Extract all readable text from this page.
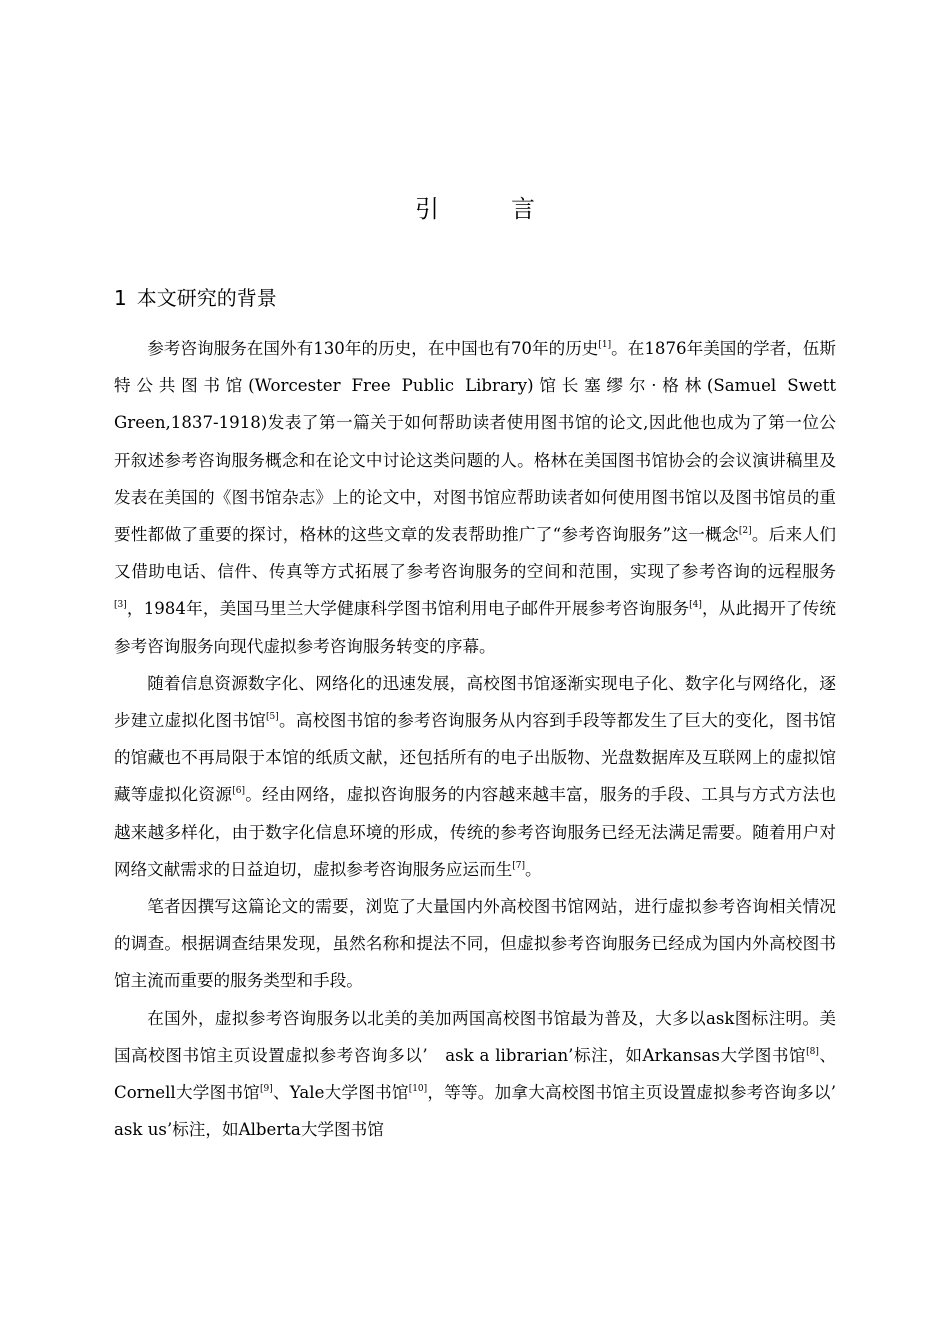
引　言
1 本文研究的背景

参考咨询服务在国外有130年的历史，在中国也有70年的历史[1]。在1876年美国的学者，伍斯特公共图书馆(Worcester Free Public Library)馆长塞缪尔·格林(Samuel Swett Green,1837-1918)发表了第一篇关于如何帮助读者使用图书馆的论文,因此他也成为了第一位公开叙述参考咨询服务概念和在论文中讨论这类问题的人。格林在美国图书馆协会的会议演讲稿里及发表在美国的《图书馆杂志》上的论文中，对图书馆应帮助读者如何使用图书馆以及图书馆员的重要性都做了重要的探讨，格林的这些文章的发表帮助推广了“参考咨询服务”这一概念[2]。后来人们又借助电话、信件、传真等方式拓展了参考咨询服务的空间和范围，实现了参考咨询的远程服务[3]，1984年，美国马里兰大学健康科学图书馆利用电子邮件开展参考咨询服务[4]，从此揭开了传统参考咨询服务向现代虚拟参考咨询服务转变的序幕。

随着信息资源数字化、网络化的迅速发展，高校图书馆逐渐实现电子化、数字化与网络化，逐步建立虚拟化图书馆[5]。高校图书馆的参考咨询服务从内容到手段等都发生了巨大的变化，图书馆的馆藏也不再局限于本馆的纸质文献，还包括所有的电子出版物、光盘数据库及互联网上的虚拟馆藏等虚拟化资源[6]。经由网络，虚拟咨询服务的内容越来越丰富，服务的手段、工具与方式方法也越来越多样化，由于数字化信息环境的形成，传统的参考咨询服务已经无法满足需要。随着用户对网络文献需求的日益迫切，虚拟参考咨询服务应运而生[7]。

笔者因撰写这篇论文的需要，浏览了大量国内外高校图书馆网站，进行虚拟参考咨询相关情况的调查。根据调查结果发现，虽然名称和提法不同，但虚拟参考咨询服务已经成为国内外高校图书馆主流而重要的服务类型和手段。

在国外，虚拟参考咨询服务以北美的美加两国高校图书馆最为普及，大多以ask图标注明。美国高校图书馆主页设置虚拟参考咨询多以’　ask a librarian’标注，如Arkansas大学图书馆[8]、Cornell大学图书馆[9]、Yale大学图书馆[10]，等等。加拿大高校图书馆主页设置虚拟参考咨询多以’　ask us’标注，如Alberta大学图书馆
